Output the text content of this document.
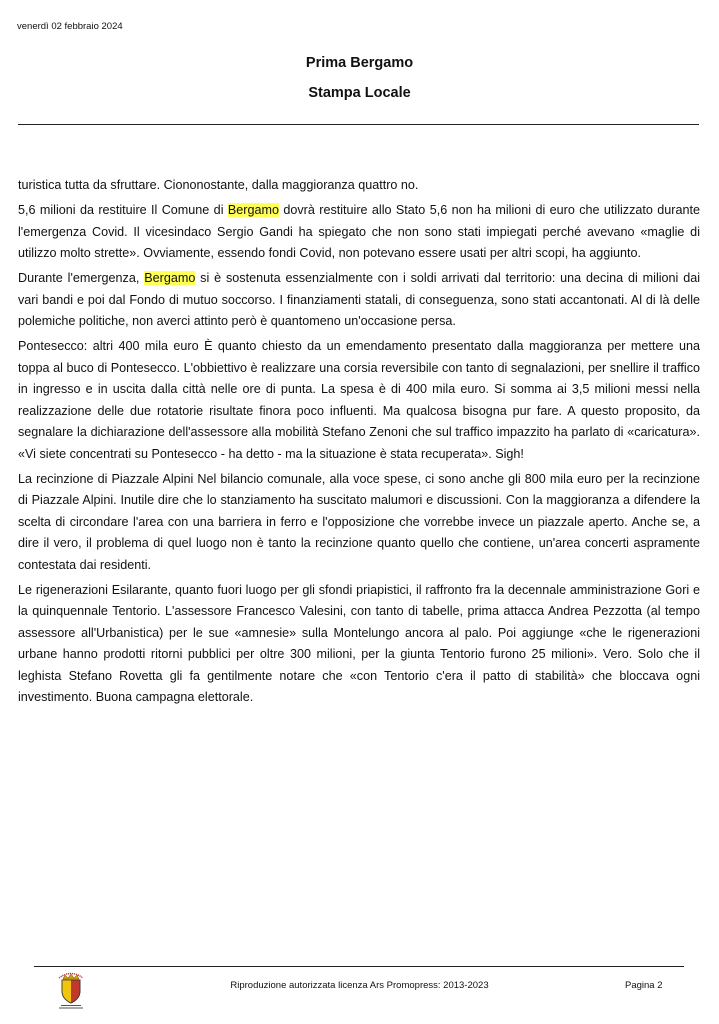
venerdì 02 febbraio 2024
Prima Bergamo
Stampa Locale

turistica tutta da sfruttare. Ciononostante, dalla maggioranza quattro no.

5,6 milioni da restituire Il Comune di Bergamo dovrà restituire allo Stato 5,6 non ha milioni di euro che utilizzato durante l'emergenza Covid. Il vicesindaco Sergio Gandi ha spiegato che non sono stati impiegati perché avevano «maglie di utilizzo molto strette». Ovviamente, essendo fondi Covid, non potevano essere usati per altri scopi, ha aggiunto.

Durante l'emergenza, Bergamo si è sostenuta essenzialmente con i soldi arrivati dal territorio: una decina di milioni dai vari bandi e poi dal Fondo di mutuo soccorso. I finanziamenti statali, di conseguenza, sono stati accantonati. Al di là delle polemiche politiche, non averci attinto però è quantomeno un'occasione persa.

Pontesecco: altri 400 mila euro È quanto chiesto da un emendamento presentato dalla maggioranza per mettere una toppa al buco di Pontesecco. L'obbiettivo è realizzare una corsia reversibile con tanto di segnalazioni, per snellire il traffico in ingresso e in uscita dalla città nelle ore di punta. La spesa è di 400 mila euro. Si somma ai 3,5 milioni messi nella realizzazione delle due rotatorie risultate finora poco influenti. Ma qualcosa bisogna pur fare. A questo proposito, da segnalare la dichiarazione dell'assessore alla mobilità Stefano Zenoni che sul traffico impazzito ha parlato di «caricatura». «Vi siete concentrati su Pontesecco - ha detto - ma la situazione è stata recuperata». Sigh!

La recinzione di Piazzale Alpini Nel bilancio comunale, alla voce spese, ci sono anche gli 800 mila euro per la recinzione di Piazzale Alpini. Inutile dire che lo stanziamento ha suscitato malumori e discussioni. Con la maggioranza a difendere la scelta di circondare l'area con una barriera in ferro e l'opposizione che vorrebbe invece un piazzale aperto. Anche se, a dire il vero, il problema di quel luogo non è tanto la recinzione quanto quello che contiene, un'area concerti aspramente contestata dai residenti.

Le rigenerazioni Esilarante, quanto fuori luogo per gli sfondi priapistici, il raffronto fra la decennale amministrazione Gori e la quinquennale Tentorio. L'assessore Francesco Valesini, con tanto di tabelle, prima attacca Andrea Pezzotta (al tempo assessore all'Urbanistica) per le sue «amnesie» sulla Montelungo ancora al palo. Poi aggiunge «che le rigenerazioni urbane hanno prodotti ritorni pubblici per oltre 300 milioni, per la giunta Tentorio furono 25 milioni». Vero. Solo che il leghista Stefano Rovetta gli fa gentilmente notare che «con Tentorio c'era il patto di stabilità» che bloccava ogni investimento. Buona campagna elettorale.

Riproduzione autorizzata licenza Ars Promopress: 2013-2023	Pagina 2
